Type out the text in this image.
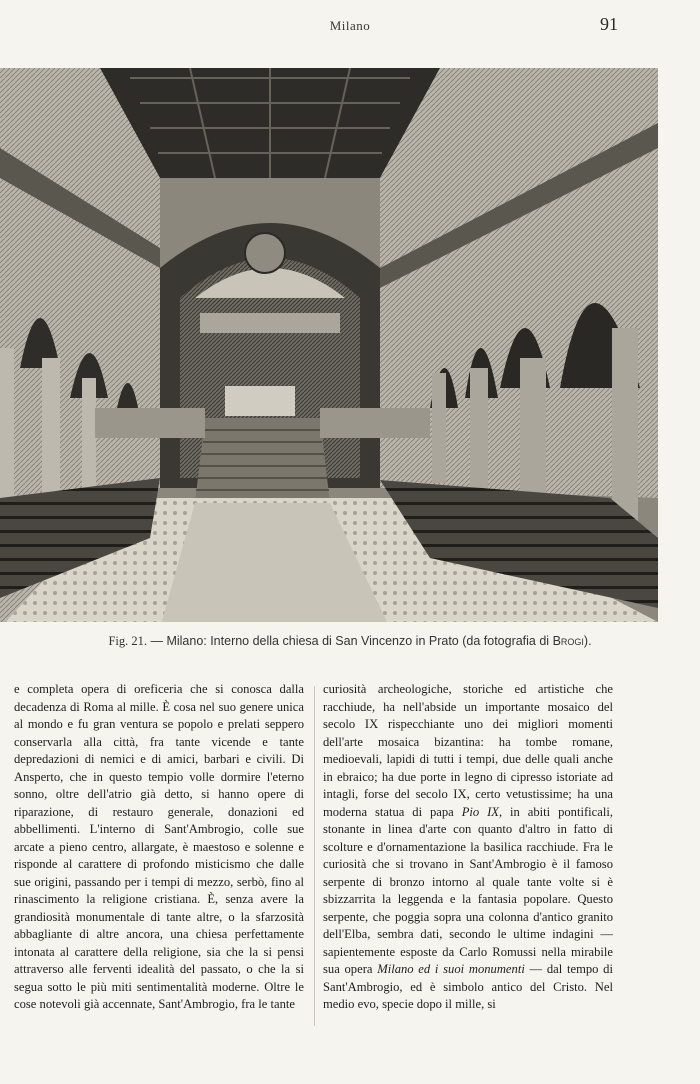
Milano	91
Fig. 21. — Milano: Interno della chiesa di San Vincenzo in Prato (da fotografia di Brogi).

e completa opera di oreficeria che si conosca dalla decadenza di Roma al mille. È cosa nel suo genere unica al mondo e fu gran ventura se popolo e prelati seppero conservarla alla città, fra tante vicende e tante depredazioni di nemici e di amici, barbari e civili. Di Ansperto, che in questo tempio volle dormire l'eterno sonno, oltre dell'atrio già detto, si hanno opere di riparazione, di restauro generale, donazioni ed abbellimenti. L'interno di Sant'Ambrogio, colle sue arcate a pieno centro, allargate, è maestoso e solenne e risponde al carattere di profondo misticismo che dalle sue origini, passando per i tempi di mezzo, serbò, fino al rinascimento la religione cristiana. È, senza avere la grandiosità monumentale di tante altre, o la sfarzosità abbagliante di altre ancora, una chiesa perfettamente intonata al carattere della religione, sia che la si pensi attraverso alle ferventi idealità del passato, o che la si segua sotto le più miti sentimentalità moderne. Oltre le cose notevoli già accennate, Sant'Ambrogio, fra le tante

curiosità archeologiche, storiche ed artistiche che racchiude, ha nell'abside un importante mosaico del secolo IX rispecchiante uno dei migliori momenti dell'arte mosaica bizantina: ha tombe romane, medioevali, lapidi di tutti i tempi, due delle quali anche in ebraico; ha due porte in legno di cipresso istoriate ad intagli, forse del secolo IX, certo vetustissime; ha una moderna statua di papa Pio IX, in abiti pontificali, stonante in linea d'arte con quanto d'altro in fatto di scolture e d'ornamentazione la basilica racchiude. Fra le curiosità che si trovano in Sant'Ambrogio è il famoso serpente di bronzo intorno al quale tante volte si è sbizzarrita la leggenda e la fantasia popolare. Questo serpente, che poggia sopra una colonna d'antico granito dell'Elba, sembra dati, secondo le ultime indagini — sapientemente esposte da Carlo Romussi nella mirabile sua opera Milano ed i suoi monumenti — dal tempo di Sant'Ambrogio, ed è simbolo antico del Cristo. Nel medio evo, specie dopo il mille, si
